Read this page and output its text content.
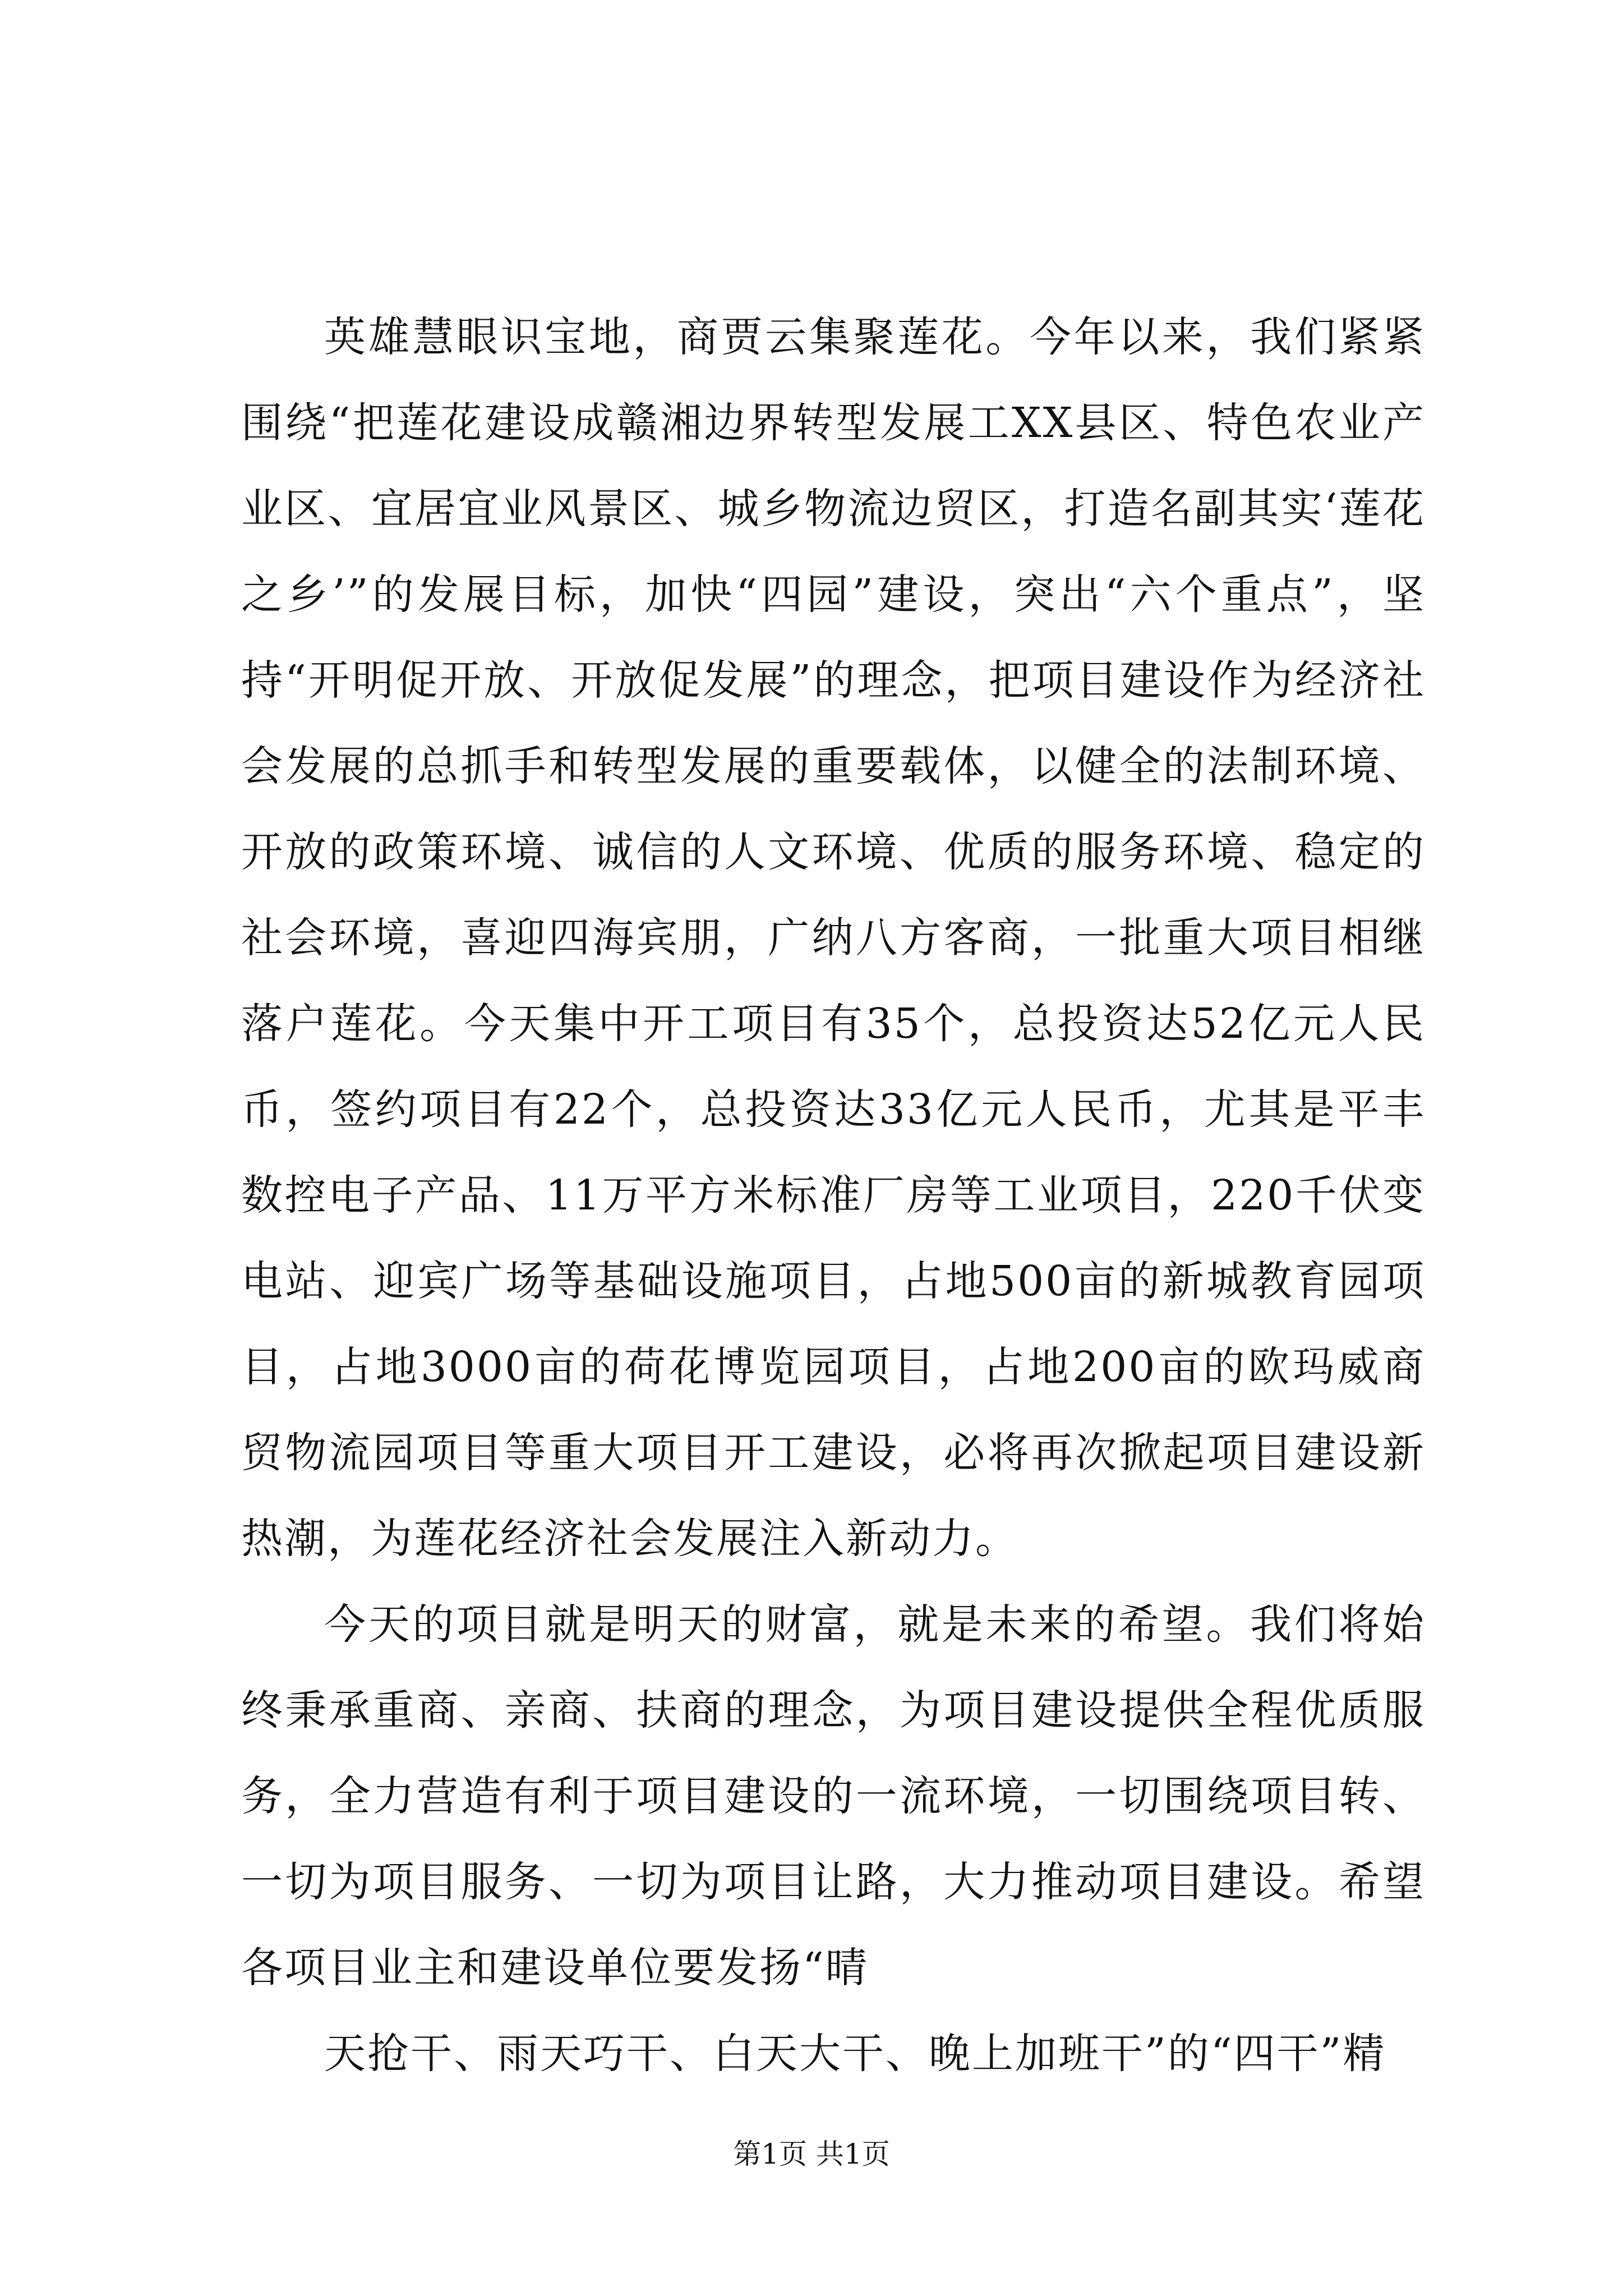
英雄慧眼识宝地，商贾云集聚莲花。今年以来，我们紧紧围绕“把莲花建设成赣湘边界转型发展工XX县区、特色农业产业区、宜居宜业风景区、城乡物流边贸区，打造名副其实‘莲花之乡’”的发展目标，加快“四园”建设，突出“六个重点”，坚持“开明促开放、开放促发展”的理念，把项目建设作为经济社会发展的总抓手和转型发展的重要载体，以健全的法制环境、开放的政策环境、诚信的人文环境、优质的服务环境、稳定的社会环境，喜迎四海宾朋，广纳八方客商，一批重大项目相继落户莲花。今天集中开工项目有35个，总投资达52亿元人民币，签约项目有22个，总投资达33亿元人民币，尤其是平丰数控电子产品、11万平方米标准厂房等工业项目，220千伏变电站、迎宾广场等基础设施项目，占地500亩的新城教育园项目，占地3000亩的荷花博览园项目，占地200亩的欧玛威商贸物流园项目等重大项目开工建设，必将再次掀起项目建设新热潮，为莲花经济社会发展注入新动力。

今天的项目就是明天的财富，就是未来的希望。我们将始终秉承重商、亲商、扶商的理念，为项目建设提供全程优质服务，全力营造有利于项目建设的一流环境，一切围绕项目转、一切为项目服务、一切为项目让路，大力推动项目建设。希望各项目业主和建设单位要发扬“晴

天抢干、雨天巧干、白天大干、晚上加班干”的“四干”精

第1页 共1页
